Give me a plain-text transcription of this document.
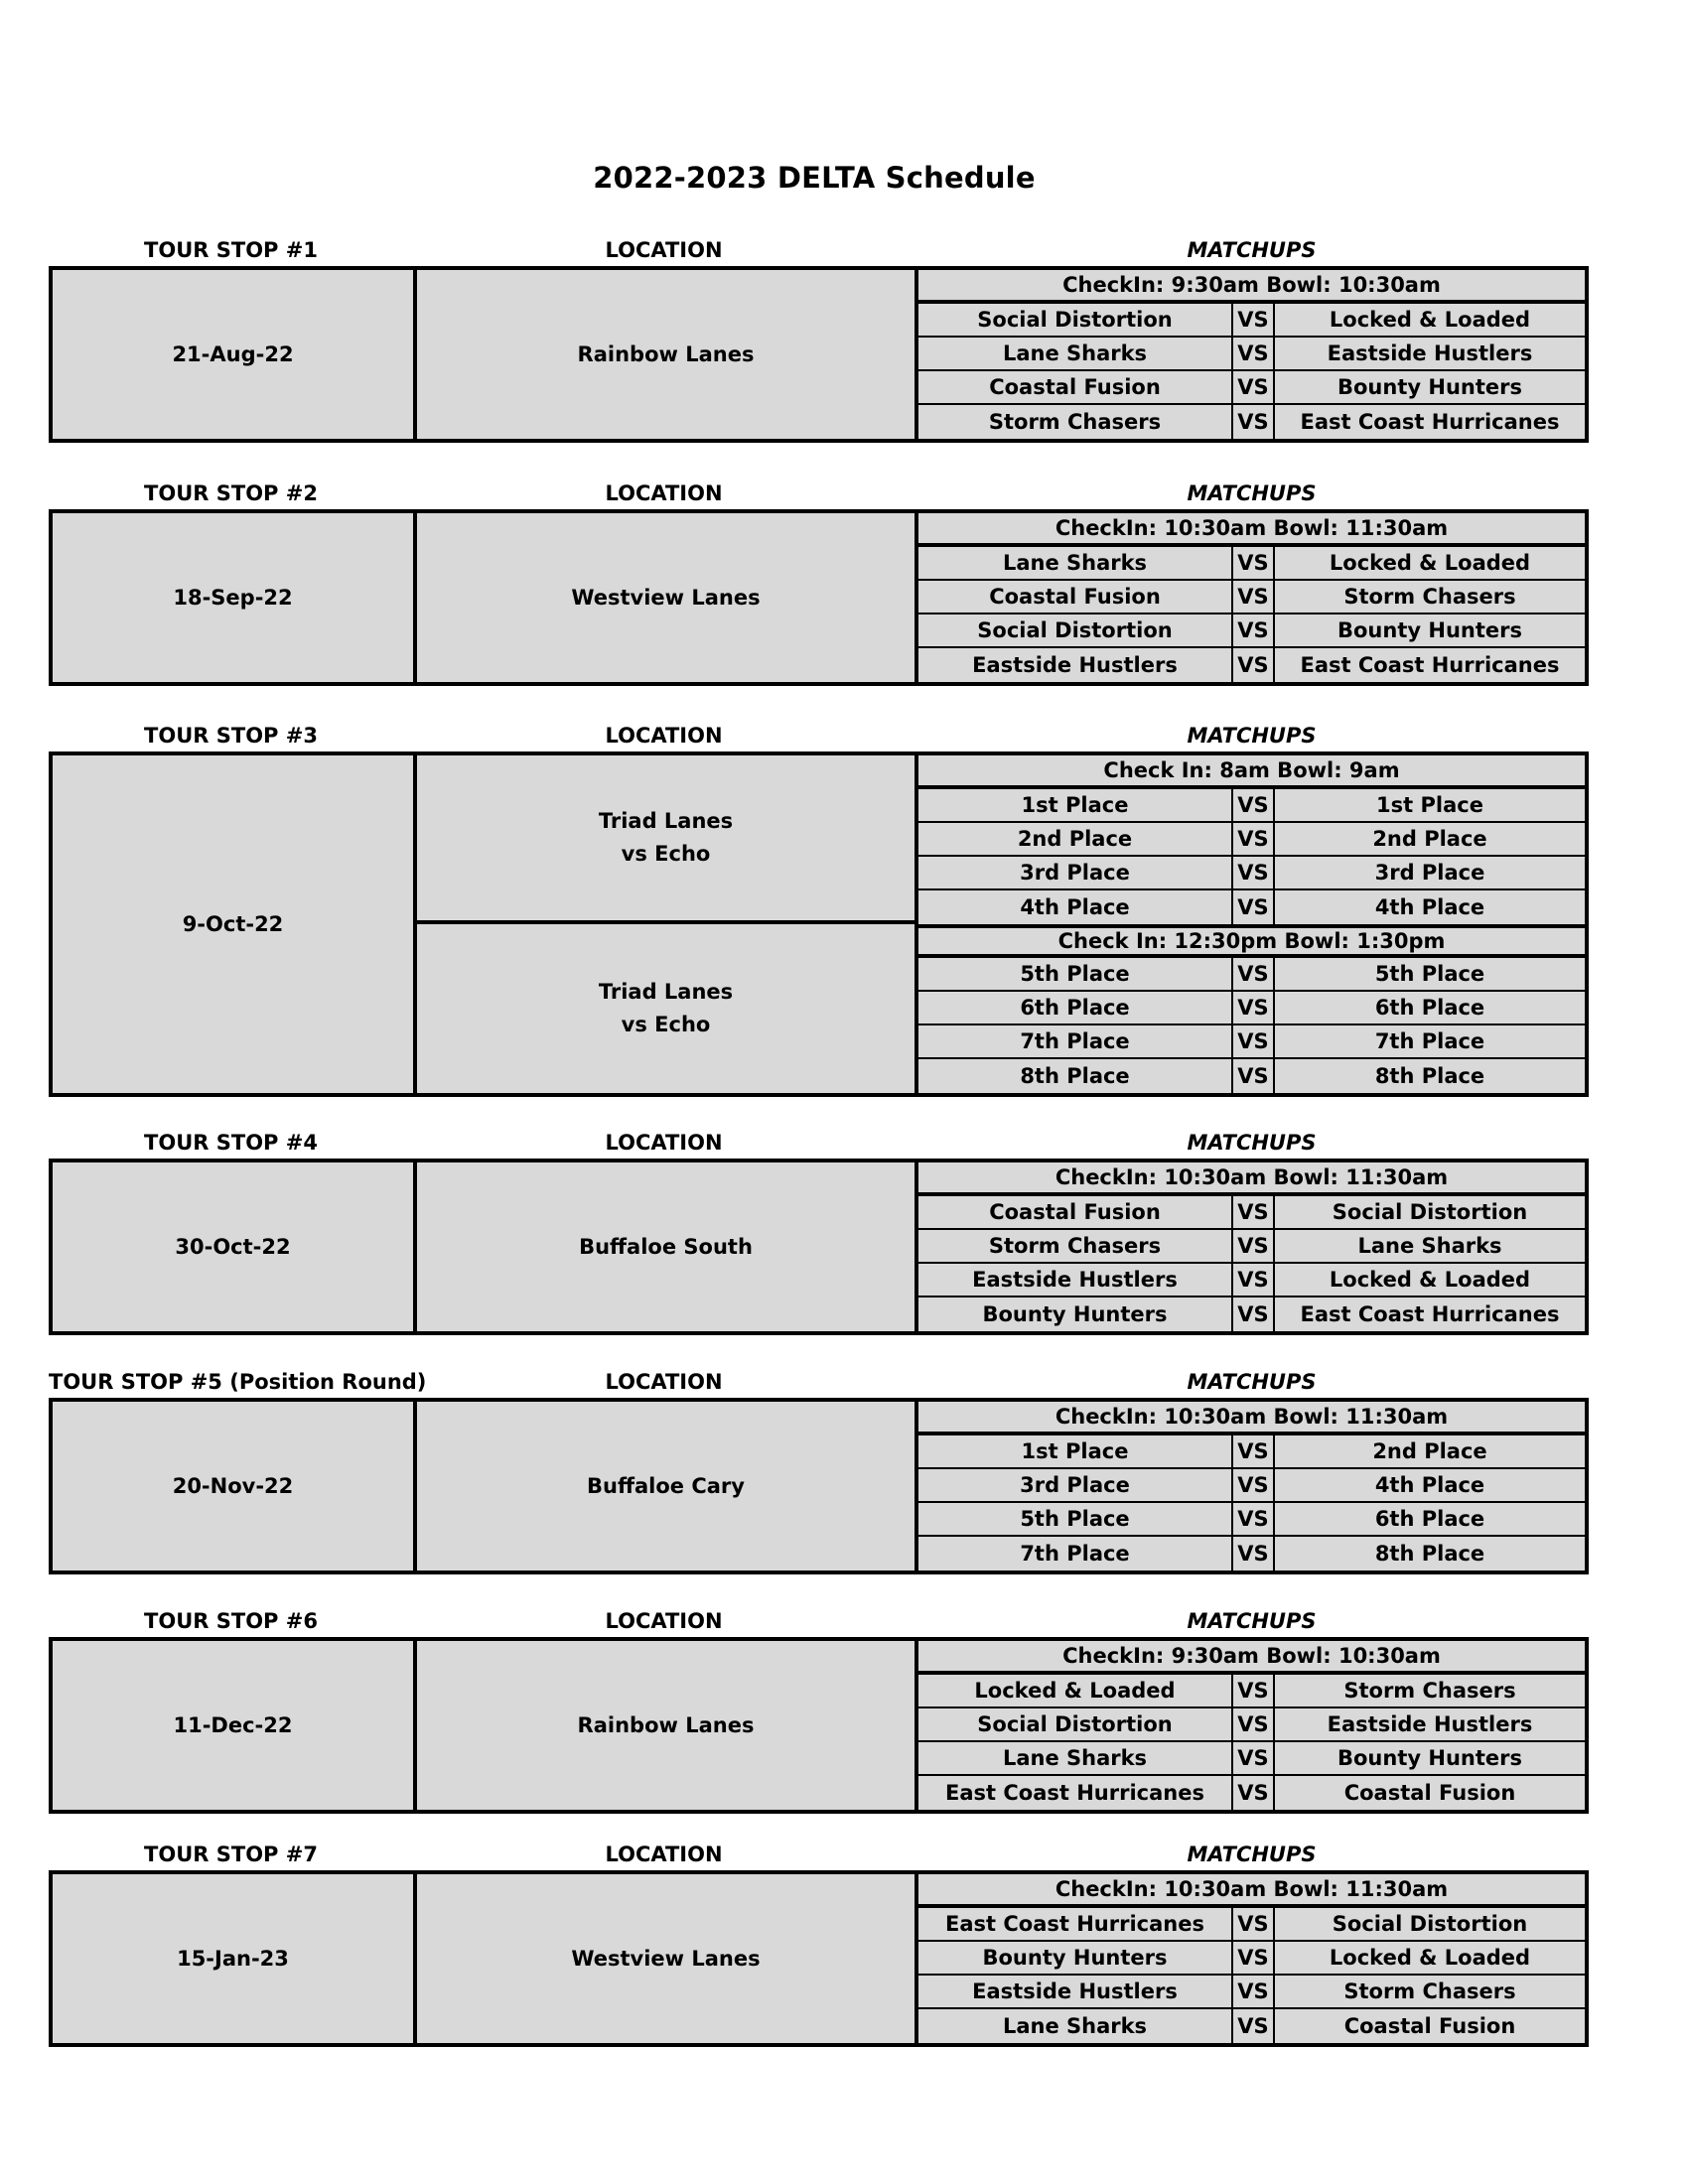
2022-2023 DELTA Schedule
TOUR STOP #1	LOCATION	MATCHUPS
21-Aug-22	Rainbow Lanes
CheckIn: 9:30am Bowl: 10:30am
Social Distortion	VS	Locked & Loaded
Lane Sharks	VS	Eastside Hustlers
Coastal Fusion	VS	Bounty Hunters
Storm Chasers	VS	East Coast Hurricanes
TOUR STOP #2	LOCATION	MATCHUPS
18-Sep-22	Westview Lanes
CheckIn: 10:30am Bowl: 11:30am
Lane Sharks	VS	Locked & Loaded
Coastal Fusion	VS	Storm Chasers
Social Distortion	VS	Bounty Hunters
Eastside Hustlers	VS	East Coast Hurricanes
TOUR STOP #3	LOCATION	MATCHUPS
9-Oct-22
Triad Lanes
vs Echo
Check In: 8am Bowl: 9am
1st Place	VS	1st Place
2nd Place	VS	2nd Place
3rd Place	VS	3rd Place
4th Place	VS	4th Place
Triad Lanes
vs Echo
Check In: 12:30pm Bowl: 1:30pm
5th Place	VS	5th Place
6th Place	VS	6th Place
7th Place	VS	7th Place
8th Place	VS	8th Place
TOUR STOP #4	LOCATION	MATCHUPS
30-Oct-22	Buffaloe South
CheckIn: 10:30am Bowl: 11:30am
Coastal Fusion	VS	Social Distortion
Storm Chasers	VS	Lane Sharks
Eastside Hustlers	VS	Locked & Loaded
Bounty Hunters	VS	East Coast Hurricanes
TOUR STOP #5 (Position Round)	LOCATION	MATCHUPS
20-Nov-22	Buffaloe Cary
CheckIn: 10:30am Bowl: 11:30am
1st Place	VS	2nd Place
3rd Place	VS	4th Place
5th Place	VS	6th Place
7th Place	VS	8th Place
TOUR STOP #6	LOCATION	MATCHUPS
11-Dec-22	Rainbow Lanes
CheckIn: 9:30am Bowl: 10:30am
Locked & Loaded	VS	Storm Chasers
Social Distortion	VS	Eastside Hustlers
Lane Sharks	VS	Bounty Hunters
East Coast Hurricanes	VS	Coastal Fusion
TOUR STOP #7	LOCATION	MATCHUPS
15-Jan-23	Westview Lanes
CheckIn: 10:30am Bowl: 11:30am
East Coast Hurricanes	VS	Social Distortion
Bounty Hunters	VS	Locked & Loaded
Eastside Hustlers	VS	Storm Chasers
Lane Sharks	VS	Coastal Fusion
